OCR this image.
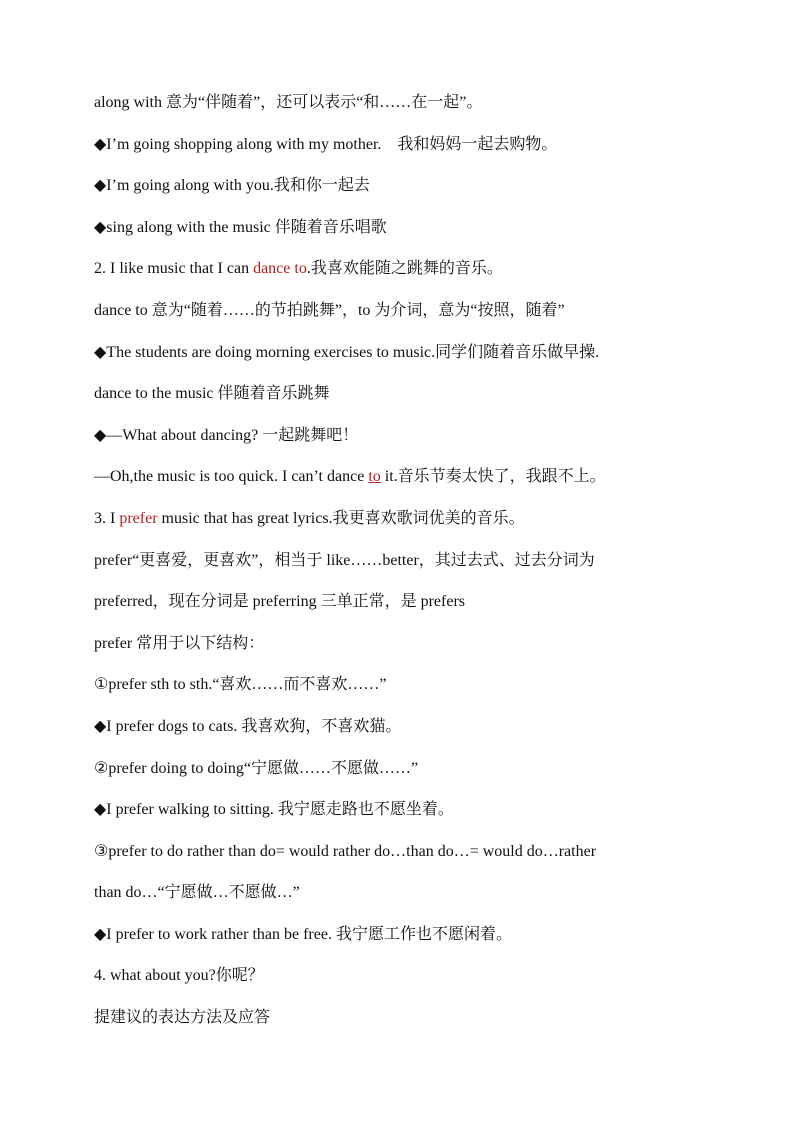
along with 意为“伴随着”，还可以表示“和……在一起”。
◆I’m going shopping along with my mother.　我和妈妈一起去购物。
◆I’m going along with you.我和你一起去
◆sing along with the music 伴随着音乐唱歌
2. I like music that I can dance to.我喜欢能随之跳舞的音乐。
dance to 意为“随着……的节拍跳舞”，to 为介词，意为“按照，随着”
◆The students are doing morning exercises to music.同学们随着音乐做早操.
dance to the music 伴随着音乐跳舞
◆—What about dancing? 一起跳舞吧！
—Oh,the music is too quick. I can’t dance to it.音乐节奏太快了，我跟不上。
3. I prefer music that has great lyrics.我更喜欢歌词优美的音乐。
prefer“更喜爱，更喜欢”，相当于 like……better，其过去式、过去分词为
preferred，现在分词是 preferring 三单正常，是 prefers
prefer 常用于以下结构：
①prefer sth to sth.“喜欢……而不喜欢……”
◆I prefer dogs to cats. 我喜欢狗，不喜欢猫。
②prefer doing to doing“宁愿做……不愿做……”
◆I prefer walking to sitting. 我宁愿走路也不愿坐着。
③prefer to do rather than do= would rather do…than do…= would do…rather
than do…“宁愿做…不愿做…”
◆I prefer to work rather than be free. 我宁愿工作也不愿闲着。
4. what about you?你呢？
提建议的表达方法及应答
